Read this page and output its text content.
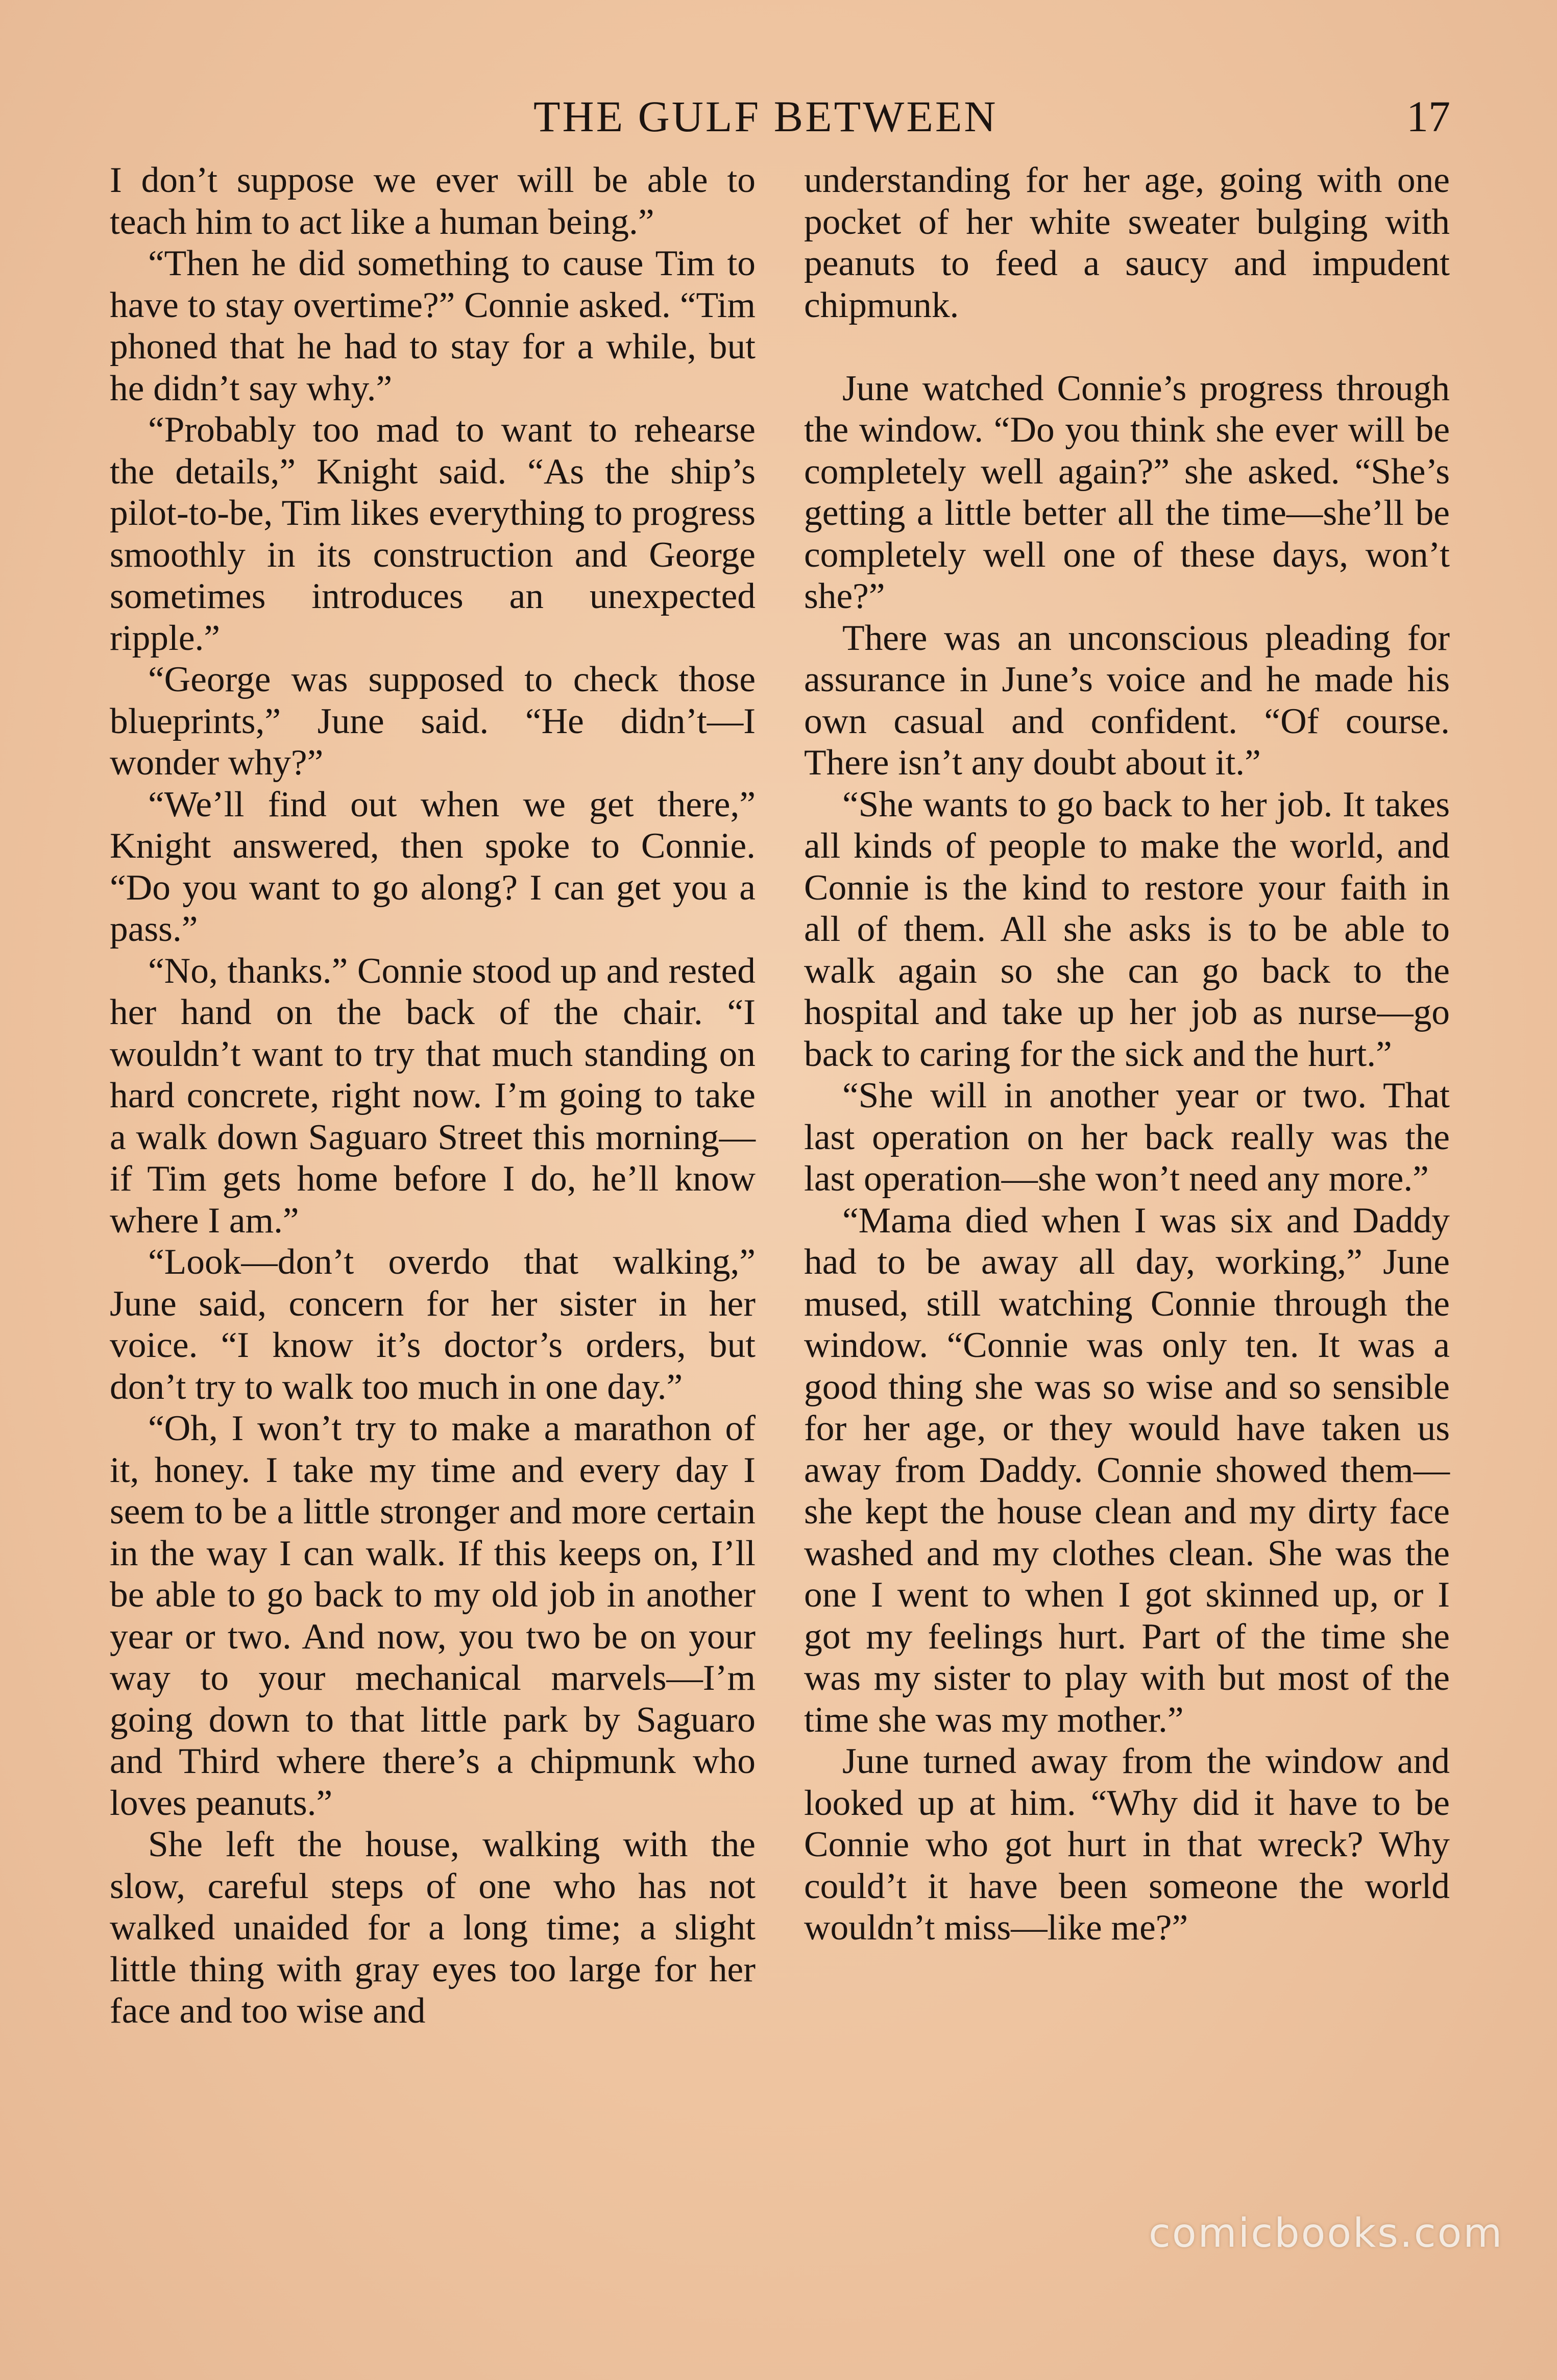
THE GULF BETWEEN	17

I don’t suppose we ever will be able to teach him to act like a human being.”

“Then he did something to cause Tim to have to stay overtime?” Connie asked. “Tim phoned that he had to stay for a while, but he didn’t say why.”

“Probably too mad to want to rehearse the details,” Knight said. “As the ship’s pilot-to-be, Tim likes everything to progress smoothly in its construction and George sometimes introduces an unexpected ripple.”

“George was supposed to check those blueprints,” June said. “He didn’t—I wonder why?”

“We’ll find out when we get there,” Knight answered, then spoke to Connie. “Do you want to go along? I can get you a pass.”

“No, thanks.” Connie stood up and rested her hand on the back of the chair. “I wouldn’t want to try that much standing on hard concrete, right now. I’m going to take a walk down Saguaro Street this morning—if Tim gets home before I do, he’ll know where I am.”

“Look—don’t overdo that walking,” June said, concern for her sister in her voice. “I know it’s doctor’s orders, but don’t try to walk too much in one day.”

“Oh, I won’t try to make a marathon of it, honey. I take my time and every day I seem to be a little stronger and more certain in the way I can walk. If this keeps on, I’ll be able to go back to my old job in another year or two. And now, you two be on your way to your mechanical marvels—I’m going down to that little park by Saguaro and Third where there’s a chipmunk who loves peanuts.”

She left the house, walking with the slow, careful steps of one who has not walked unaided for a long time; a slight little thing with gray eyes too large for her face and too wise and

understanding for her age, going with one pocket of her white sweater bulging with peanuts to feed a saucy and impudent chipmunk.

June watched Connie’s progress through the window. “Do you think she ever will be completely well again?” she asked. “She’s getting a little better all the time—she’ll be completely well one of these days, won’t she?”

There was an unconscious pleading for assurance in June’s voice and he made his own casual and confident. “Of course. There isn’t any doubt about it.”

“She wants to go back to her job. It takes all kinds of people to make the world, and Connie is the kind to restore your faith in all of them. All she asks is to be able to walk again so she can go back to the hospital and take up her job as nurse—go back to caring for the sick and the hurt.”

“She will in another year or two. That last operation on her back really was the last operation—she won’t need any more.”

“Mama died when I was six and Daddy had to be away all day, working,” June mused, still watching Connie through the window. “Connie was only ten. It was a good thing she was so wise and so sensible for her age, or they would have taken us away from Daddy. Connie showed them—she kept the house clean and my dirty face washed and my clothes clean. She was the one I went to when I got skinned up, or I got my feelings hurt. Part of the time she was my sister to play with but most of the time she was my mother.”

June turned away from the window and looked up at him. “Why did it have to be Connie who got hurt in that wreck? Why could’t it have been someone the world wouldn’t miss—like me?”

comicbooks.com
